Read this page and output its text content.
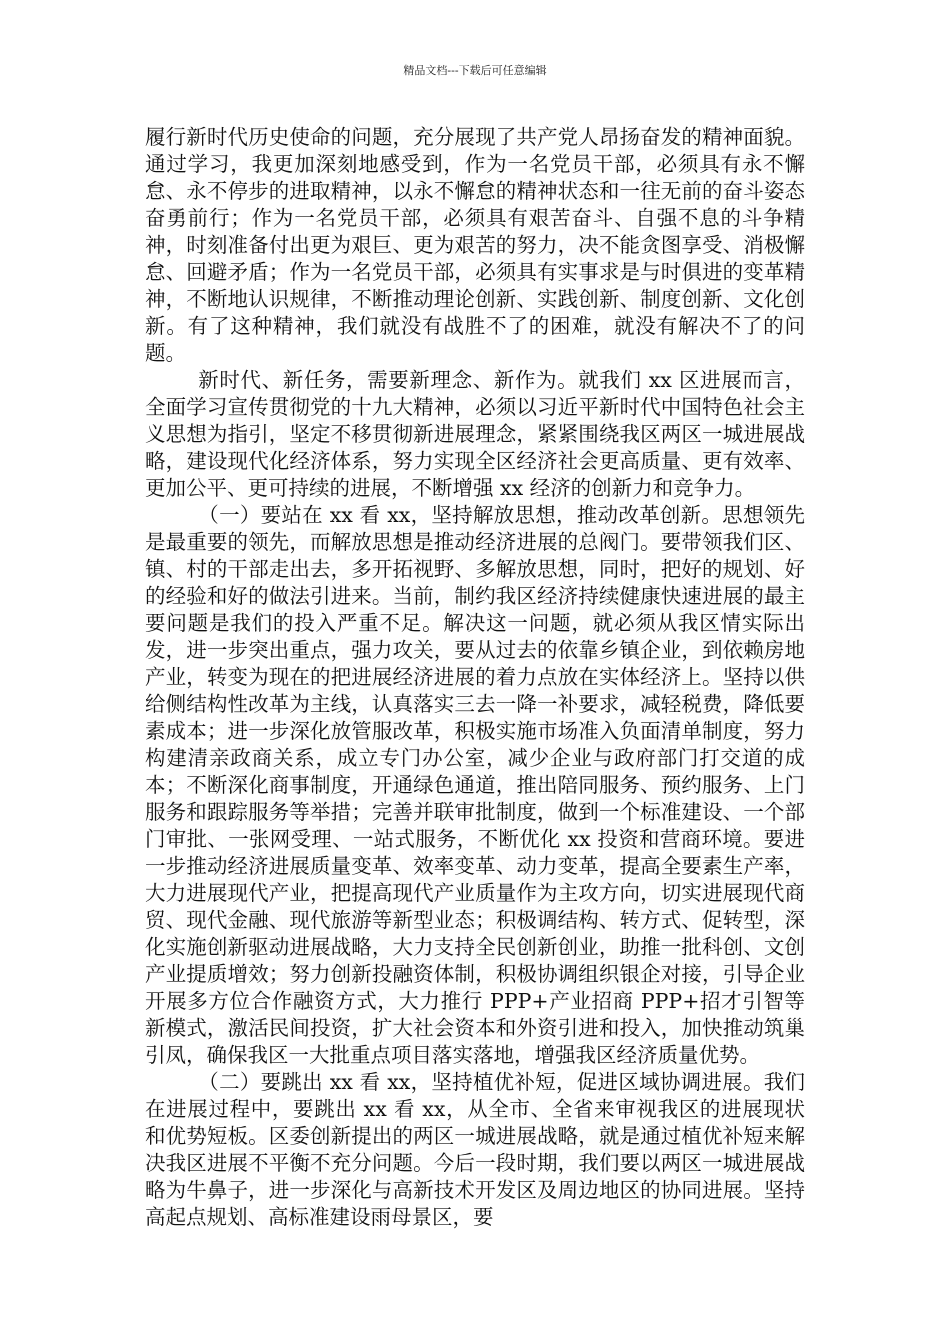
精品文档---下载后可任意编辑

履行新时代历史使命的问题，充分展现了共产党人昂扬奋发的精神面貌。通过学习，我更加深刻地感受到，作为一名党员干部，必须具有永不懈怠、永不停步的进取精神，以永不懈怠的精神状态和一往无前的奋斗姿态奋勇前行；作为一名党员干部，必须具有艰苦奋斗、自强不息的斗争精神，时刻准备付出更为艰巨、更为艰苦的努力，决不能贪图享受、消极懈怠、回避矛盾；作为一名党员干部，必须具有实事求是与时俱进的变革精神，不断地认识规律，不断推动理论创新、实践创新、制度创新、文化创新。有了这种精神，我们就没有战胜不了的困难，就没有解决不了的问题。

新时代、新任务，需要新理念、新作为。就我们 xx 区进展而言，全面学习宣传贯彻党的十九大精神，必须以习近平新时代中国特色社会主义思想为指引，坚定不移贯彻新进展理念，紧紧围绕我区两区一城进展战略，建设现代化经济体系，努力实现全区经济社会更高质量、更有效率、更加公平、更可持续的进展，不断增强 xx 经济的创新力和竞争力。

（一）要站在 xx 看 xx，坚持解放思想，推动改革创新。思想领先是最重要的领先，而解放思想是推动经济进展的总阀门。要带领我们区、镇、村的干部走出去，多开拓视野、多解放思想，同时，把好的规划、好的经验和好的做法引进来。当前，制约我区经济持续健康快速进展的最主要问题是我们的投入严重不足。解决这一问题，就必须从我区情实际出发，进一步突出重点，强力攻关，要从过去的依靠乡镇企业，到依赖房地产业，转变为现在的把进展经济进展的着力点放在实体经济上。坚持以供给侧结构性改革为主线，认真落实三去一降一补要求，减轻税费，降低要素成本；进一步深化放管服改革，积极实施市场准入负面清单制度，努力构建清亲政商关系，成立专门办公室，减少企业与政府部门打交道的成本；不断深化商事制度，开通绿色通道，推出陪同服务、预约服务、上门服务和跟踪服务等举措；完善并联审批制度，做到一个标准建设、一个部门审批、一张网受理、一站式服务，不断优化 xx 投资和营商环境。要进一步推动经济进展质量变革、效率变革、动力变革，提高全要素生产率，大力进展现代产业，把提高现代产业质量作为主攻方向，切实进展现代商贸、现代金融、现代旅游等新型业态；积极调结构、转方式、促转型，深化实施创新驱动进展战略，大力支持全民创新创业，助推一批科创、文创产业提质增效；努力创新投融资体制，积极协调组织银企对接，引导企业开展多方位合作融资方式，大力推行 PPP+产业招商 PPP+招才引智等新模式，激活民间投资，扩大社会资本和外资引进和投入，加快推动筑巢引凤，确保我区一大批重点项目落实落地，增强我区经济质量优势。

（二）要跳出 xx 看 xx，坚持植优补短，促进区域协调进展。我们在进展过程中，要跳出 xx 看 xx，从全市、全省来审视我区的进展现状和优势短板。区委创新提出的两区一城进展战略，就是通过植优补短来解决我区进展不平衡不充分问题。今后一段时期，我们要以两区一城进展战略为牛鼻子，进一步深化与高新技术开发区及周边地区的协同进展。坚持高起点规划、高标准建设雨母景区，要
